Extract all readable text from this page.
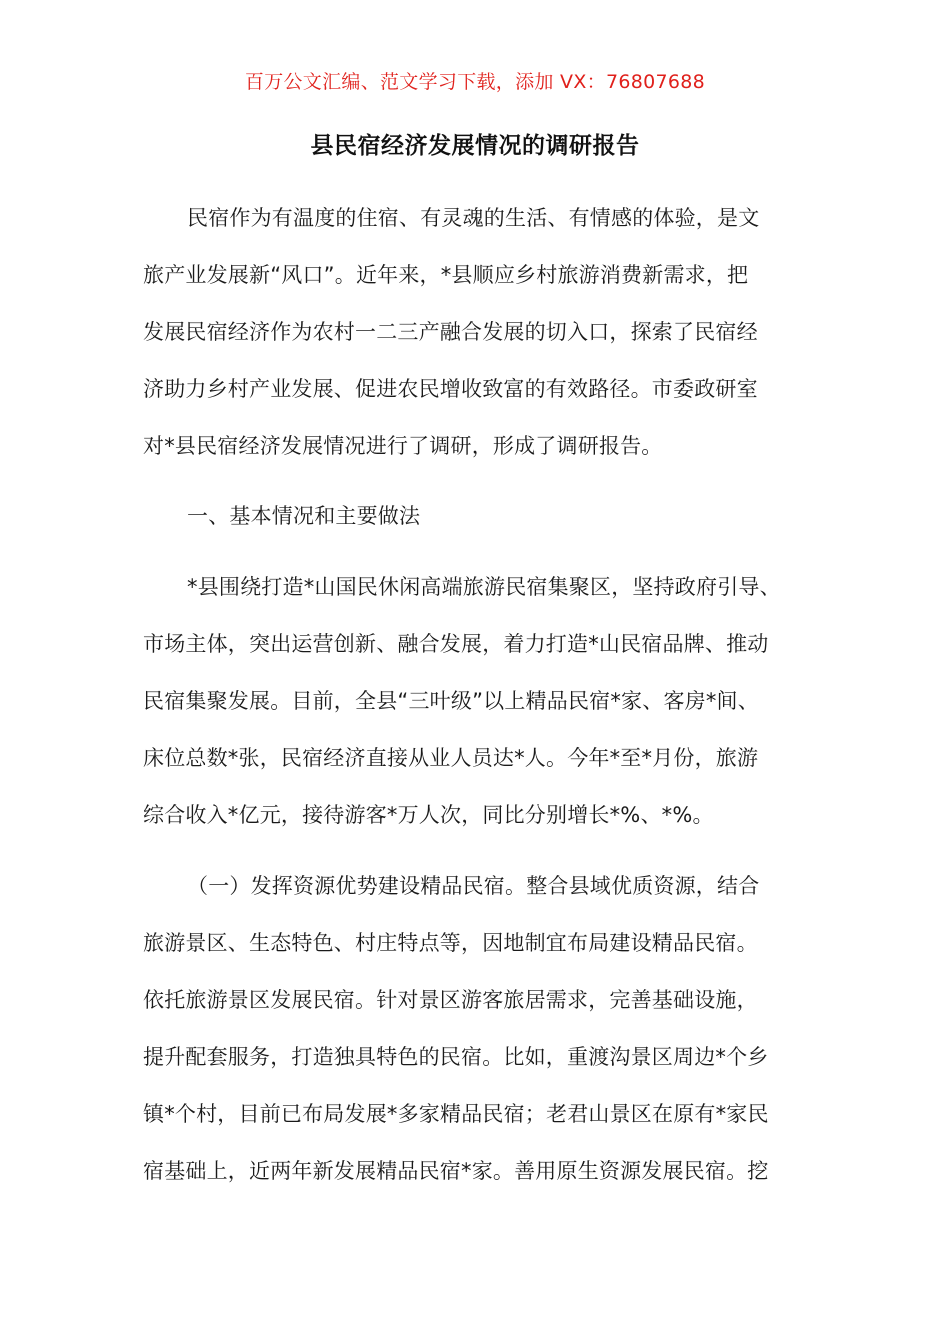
百万公文汇编、范文学习下载，添加 VX：76807688
县民宿经济发展情况的调研报告
民宿作为有温度的住宿、有灵魂的生活、有情感的体验，是文
旅产业发展新“风口”。近年来，*县顺应乡村旅游消费新需求，把
发展民宿经济作为农村一二三产融合发展的切入口，探索了民宿经
济助力乡村产业发展、促进农民增收致富的有效路径。市委政研室
对*县民宿经济发展情况进行了调研，形成了调研报告。
一、基本情况和主要做法
*县围绕打造*山国民休闲高端旅游民宿集聚区，坚持政府引导、
市场主体，突出运营创新、融合发展，着力打造*山民宿品牌、推动
民宿集聚发展。目前，全县“三叶级”以上精品民宿*家、客房*间、
床位总数*张，民宿经济直接从业人员达*人。今年*至*月份，旅游
综合收入*亿元，接待游客*万人次，同比分别增长*%、*%。
（一）发挥资源优势建设精品民宿。整合县域优质资源，结合
旅游景区、生态特色、村庄特点等，因地制宜布局建设精品民宿。
依托旅游景区发展民宿。针对景区游客旅居需求，完善基础设施，
提升配套服务，打造独具特色的民宿。比如，重渡沟景区周边*个乡
镇*个村，目前已布局发展*多家精品民宿；老君山景区在原有*家民
宿基础上，近两年新发展精品民宿*家。善用原生资源发展民宿。挖
